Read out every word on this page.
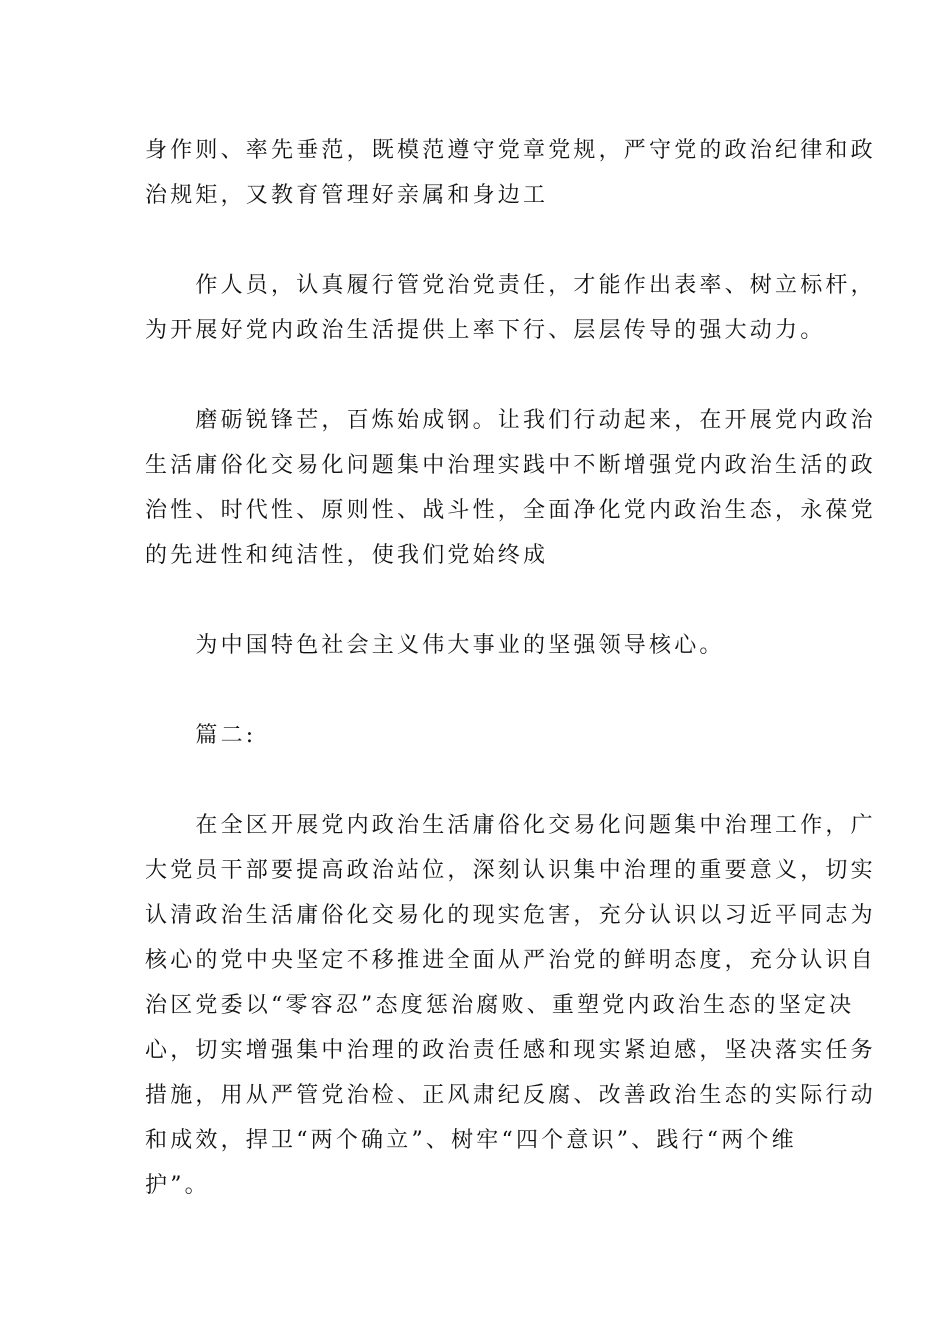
身作则、率先垂范，既模范遵守党章党规，严守党的政治纪律和政
治规矩，又教育管理好亲属和身边工
　　作人员，认真履行管党治党责任，才能作出表率、树立标杆，
为开展好党内政治生活提供上率下行、层层传导的强大动力。
　　磨砺锐锋芒，百炼始成钢。让我们行动起来，在开展党内政治
生活庸俗化交易化问题集中治理实践中不断增强党内政治生活的政
治性、时代性、原则性、战斗性，全面净化党内政治生态，永葆党
的先进性和纯洁性，使我们党始终成
　　为中国特色社会主义伟大事业的坚强领导核心。
　　篇二:
　　在全区开展党内政治生活庸俗化交易化问题集中治理工作，广
大党员干部要提高政治站位，深刻认识集中治理的重要意义，切实
认清政治生活庸俗化交易化的现实危害，充分认识以习近平同志为
核心的党中央坚定不移推进全面从严治党的鲜明态度，充分认识自
治区党委以“零容忍”态度惩治腐败、重塑党内政治生态的坚定决
心，切实增强集中治理的政治责任感和现实紧迫感，坚决落实任务
措施，用从严管党治检、正风肃纪反腐、改善政治生态的实际行动
和成效，捍卫“两个确立”、树牢“四个意识”、践行“两个维
护”。
